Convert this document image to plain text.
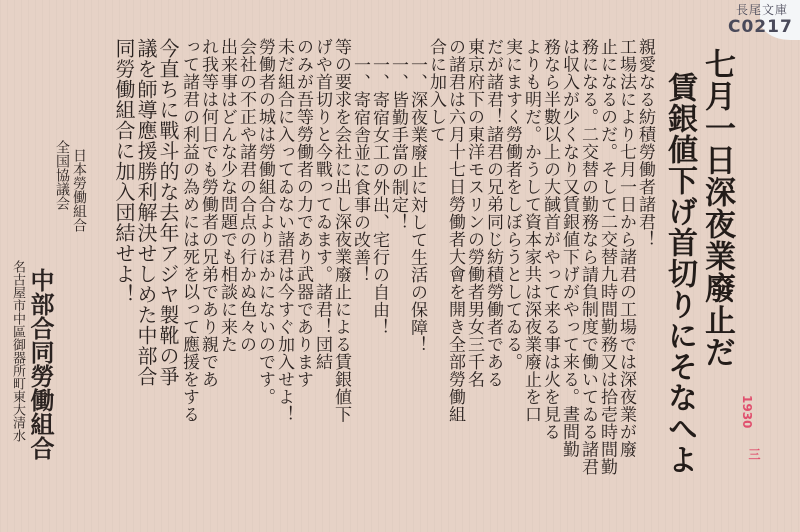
長尾文庫
C0217
七月一日深夜業廢止だ
賃銀値下げ首切りにそなへよ
親愛なる紡積勞働者諸君！
工場法により七月一日から諸君の工場では深夜業が廢
止になるのだ。そして二交替九時間勤務又は拾壱時間勤
務になる。二交替の勤務なら請負制度で働いてゐる諸君
は収入が少くなり又賃銀値下げがやって来る。晝間勤
務なら半數以上の大馘首がやって来る事は火を見る
よりも明だ。かうして資本家共は深夜業廢止を口
実にますく勞働者をしぼらうとしてゐる。
だが諸君！諸君の兄弟同じ紡積勞働者である
東京府下の東洋モスリンの勞働者男女三千名
の諸君は六月十七日勞働者大會を開き全部勞働組
合に加入して
一、深夜業廢止に対して生活の保障！
一、皆勤手當の制定！
一、寄宿女工の外出、宅行の自由！
一、寄宿舎並に食事の改善！
等の要求を会社に出し深夜業廢止による賃銀値下
げや首切りと今戰ってゐます。諸君！団結
のみが吾等勞働者の力であり武器であります
未だ組合に入ってゐない諸君は今すぐ加入せよ！
勞働者の城は勞働組合よりほかにないのです。
会社の不正や諸君の合点の行かぬ色々の
出来事はどんな少な問題でも相談に来た
れ我等は何日でも勞働者の兄弟であり親であ
って諸君の利益の為めには死を以って應援をする
今直ちに戰斗的な去年アジヤ製靴の爭
議を師導應援勝利解決せしめた中部合
同勞働組合に加入団結せよ！
日本勞働組合
全国協議会
中部合同勞働組合
名古屋市中區御器所町東大清水	1930
三
